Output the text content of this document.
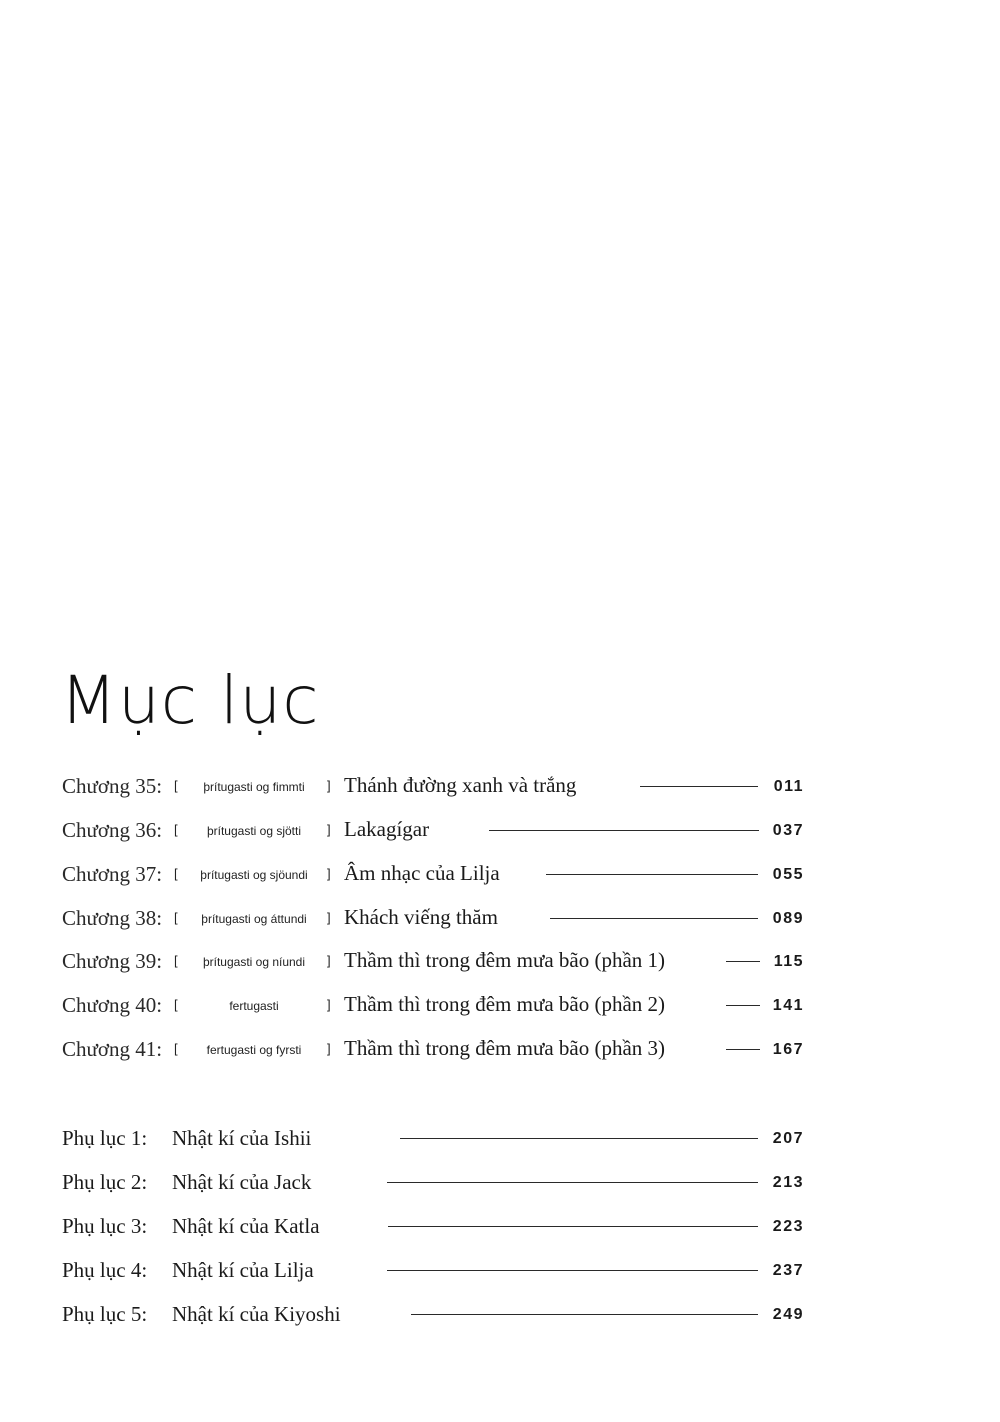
Mục lục
Chương 35: [	þrítugasti og fimmti	] Thánh đường xanh và trắng	011
Chương 36: [	þrítugasti og sjötti	] Lakagígar	037
Chương 37: [	þrítugasti og sjöundi	] Âm nhạc của Lilja	055
Chương 38: [	þrítugasti og áttundi	] Khách viếng thăm	089
Chương 39: [	þrítugasti og níundi	] Thầm thì trong đêm mưa bão (phần 1)	115
Chương 40: [	fertugasti	] Thầm thì trong đêm mưa bão (phần 2)	141
Chương 41: [	fertugasti og fyrsti	] Thầm thì trong đêm mưa bão (phần 3)	167
Phụ lục 1: Nhật kí của Ishii	207
Phụ lục 2: Nhật kí của Jack	213
Phụ lục 3: Nhật kí của Katla	223
Phụ lục 4: Nhật kí của Lilja	237
Phụ lục 5: Nhật kí của Kiyoshi	249
